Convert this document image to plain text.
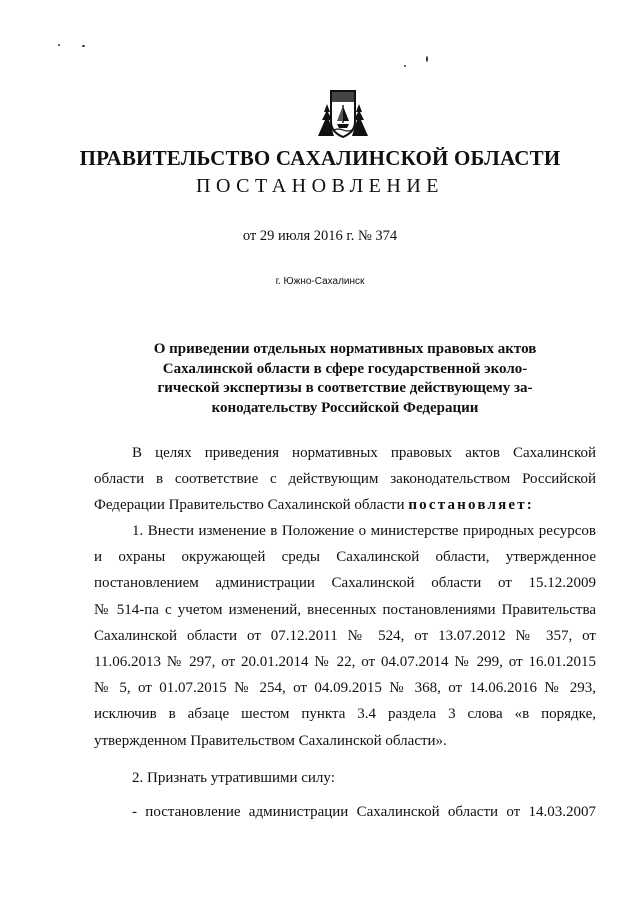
ПРАВИТЕЛЬСТВО САХАЛИНСКОЙ ОБЛАСТИ
ПОСТАНОВЛЕНИЕ
от 29 июля 2016 г. № 374
г. Южно-Сахалинск
О приведении отдельных нормативных правовых актов
Сахалинской области в сфере государственной эколо-
гической экспертизы в соответствие действующему за-
конодательству Российской Федерации
В целях приведения нормативных правовых актов Сахалинской
области в соответствие с действующим законодательством Российской
Федерации Правительство Сахалинской области постановляет:
1. Внести изменение в Положение о министерстве природных ресурсов
и охраны окружающей среды Сахалинской области, утвержденное
постановлением администрации Сахалинской области от 15.12.2009
№ 514-па с учетом изменений, внесенных постановлениями Правительства
Сахалинской области от 07.12.2011 № 524, от 13.07.2012 № 357, от
11.06.2013 № 297, от 20.01.2014 № 22, от 04.07.2014 № 299, от 16.01.2015
№ 5, от 01.07.2015 № 254, от 04.09.2015 № 368, от 14.06.2016 № 293,
исключив в абзаце шестом пункта 3.4 раздела 3 слова «в порядке,
утвержденном Правительством Сахалинской области».
2. Признать утратившими силу:
- постановление администрации Сахалинской области от 14.03.2007
